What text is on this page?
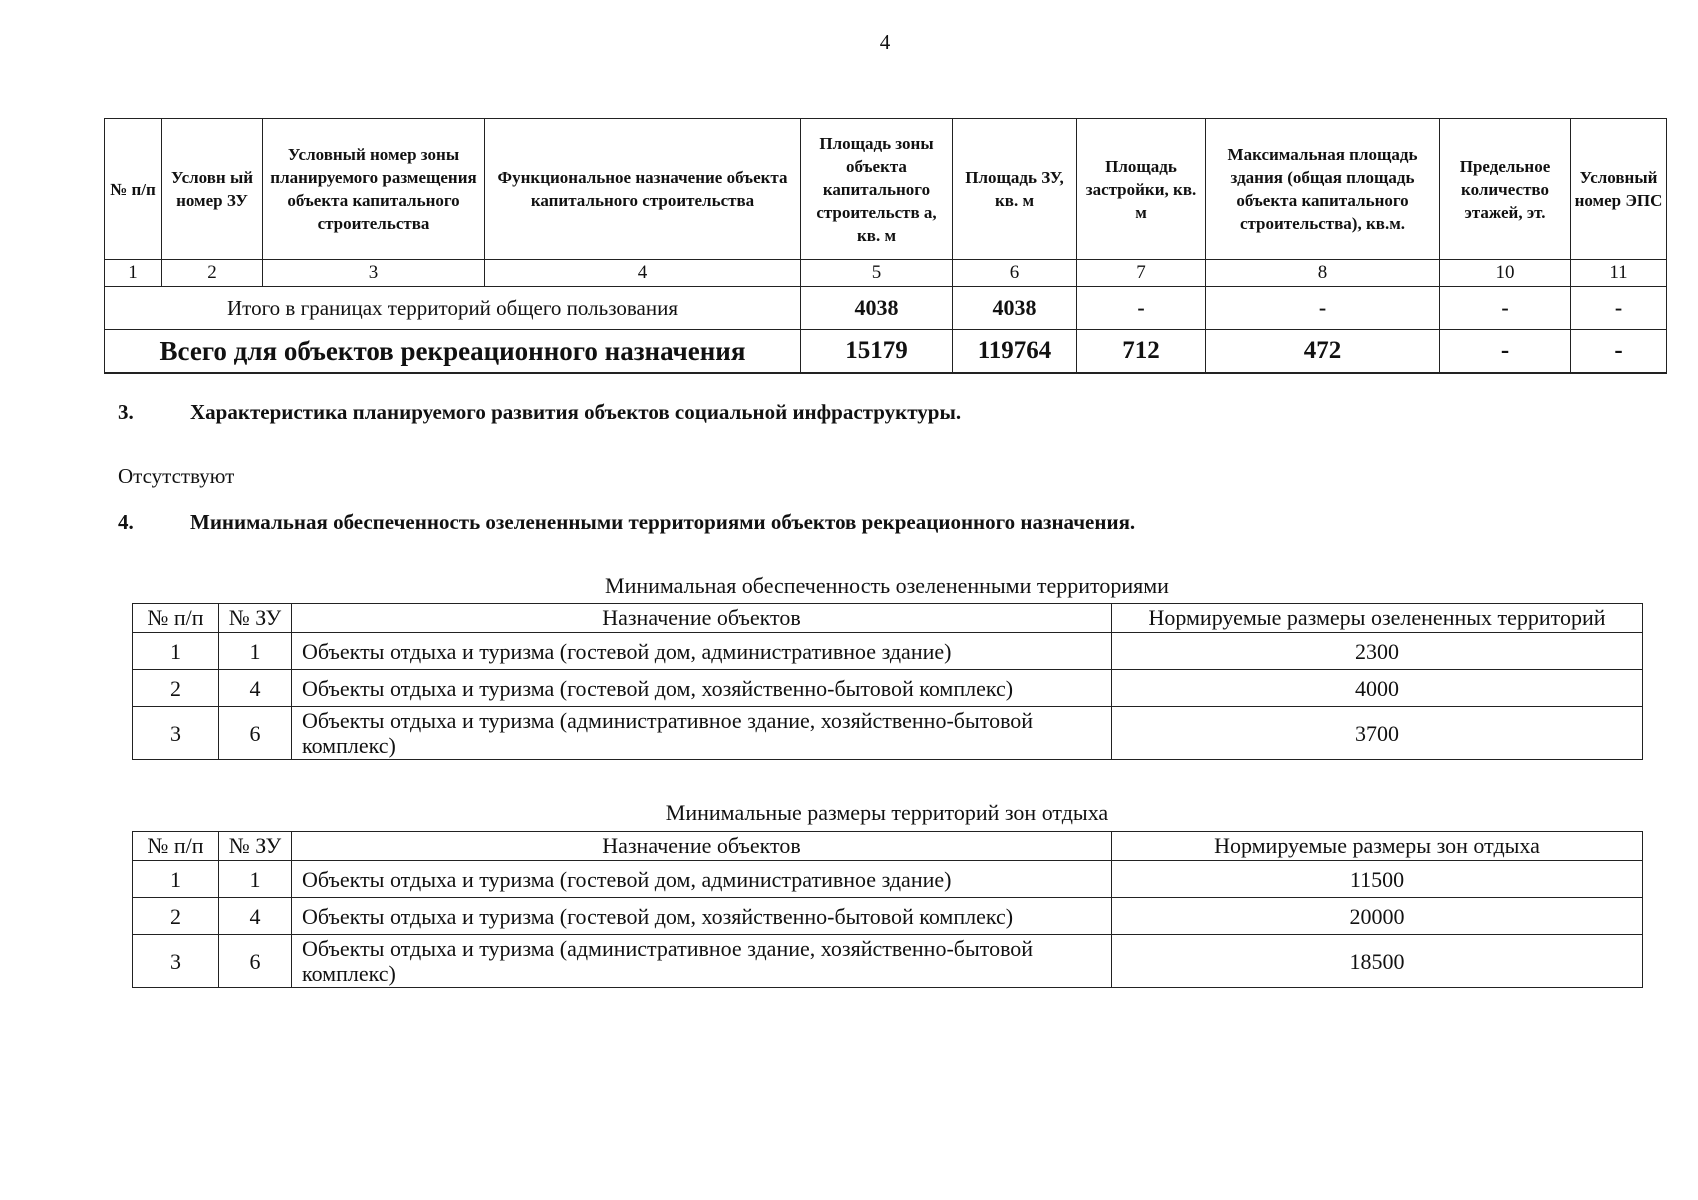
4
№ п/п	Условн ый номер ЗУ	Условный номер зоны планируемого размещения объекта капитального строительства	Функциональное назначение объекта капитального строительства	Площадь зоны объекта капитального строительств а, кв. м	Площадь ЗУ, кв. м	Площадь застройки, кв. м	Максимальная площадь здания (общая площадь объекта капитального строительства), кв.м.	Предельное количество этажей, эт.	Условный номер ЭПС
1	2	3	4	5	6	7	8	10	11
Итого в границах территорий общего пользования				4038	4038	-	-	-	-
Всего для объектов рекреационного назначения				15179	119764	712	472	-	-
3.	Характеристика планируемого развития объектов социальной инфраструктуры.
Отсутствуют
4.	Минимальная обеспеченность озелененными территориями объектов рекреационного назначения.
Минимальная обеспеченность озелененными территориями
№ п/п	№ ЗУ	Назначение объектов	Нормируемые размеры озелененных территорий
1	1	Объекты отдыха и туризма (гостевой дом, административное здание)	2300
2	4	Объекты отдыха и туризма (гостевой дом, хозяйственно-бытовой комплекс)	4000
3	6	Объекты отдыха и туризма (административное здание, хозяйственно-бытовой комплекс)	3700
Минимальные размеры территорий зон отдыха
№ п/п	№ ЗУ	Назначение объектов	Нормируемые размеры зон отдыха
1	1	Объекты отдыха и туризма (гостевой дом, административное здание)	11500
2	4	Объекты отдыха и туризма (гостевой дом, хозяйственно-бытовой комплекс)	20000
3	6	Объекты отдыха и туризма (административное здание, хозяйственно-бытовой комплекс)	18500
